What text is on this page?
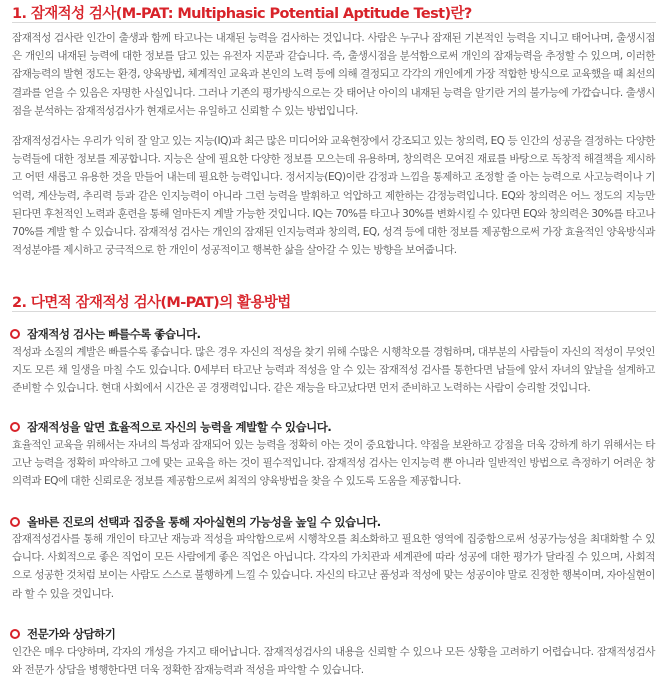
1. 잠재적성 검사(M-PAT: Multiphasic Potential Aptitude Test)란?

잠재적성 검사란 인간이 출생과 함께 타고나는 내재된 능력을 검사하는 것입니다. 사람은 누구나 잠재된 기본적인 능력을 지니고 태어나며, 출생시점은 개인의 내재된 능력에 대한 정보를 담고 있는 유전자 지문과 같습니다. 즉, 출생시점을 분석함으로써 개인의 잠재능력을 추정할 수 있으며, 이러한 잠재능력의 발현 정도는 환경, 양육방법, 체계적인 교육과 본인의 노력 등에 의해 결정되고 각각의 개인에게 가장 적합한 방식으로 교육했을 때 최선의 결과를 얻을 수 있음은 자명한 사실입니다. 그러나 기존의 평가방식으로는 갓 태어난 아이의 내재된 능력을 알기란 거의 불가능에 가깝습니다. 출생시점을 분석하는 잠재적성검사가 현재로서는 유일하고 신뢰할 수 있는 방법입니다.

잠재적성검사는 우리가 익히 잘 알고 있는 지능(IQ)과 최근 많은 미디어와 교육현장에서 강조되고 있는 창의력, EQ 등 인간의 성공을 결정하는 다양한 능력들에 대한 정보를 제공합니다. 지능은 살에 필요한 다양한 정보를 모으는데 유용하며, 창의력은 모여진 재료를 바탕으로 독창적 해결책을 제시하고 어떤 새롭고 유용한 것을 만들어 내는데 필요한 능력입니다. 정서지능(EQ)이란 감정과 느낌을 통제하고 조정할 줄 아는 능력으로 사고능력이나 기억력, 계산능력, 추리력 등과 같은 인지능력이 아니라 그런 능력을 발휘하고 억압하고 제한하는 감정능력입니다. EQ와 창의력은 어느 정도의 지능만 된다면 후천적인 노력과 훈련을 통해 얼마든지 계발 가능한 것입니다. IQ는 70%를 타고나 30%를 변화시킬 수 있다면 EQ와 창의력은 30%를 타고나 70%를 계발 할 수 있습니다. 잠재적성 검사는 개인의 잠재된 인지능력과 창의력, EQ, 성격 등에 대한 정보를 제공함으로써 가장 효율적인 양육방식과 적성분야를 제시하고 궁극적으로 한 개인이 성공적이고 행복한 삶을 살아갈 수 있는 방향을 보여줍니다.

2. 다면적 잠재적성 검사(M-PAT)의 활용방법
잠재적성 검사는 빠를수록 좋습니다.

적성과 소질의 계발은 빠를수록 좋습니다. 많은 경우 자신의 적성을 찾기 위해 수많은 시행착오를 경험하며, 대부분의 사람들이 자신의 적성이 무엇인지도 모른 채 일생을 마칠 수도 있습니다. 0세부터 타고난 능력과 적성을 알 수 있는 잠재적성 검사를 통한다면 남들에 앞서 자녀의 앞날을 설계하고 준비할 수 있습니다. 현대 사회에서 시간은 곧 경쟁력입니다. 같은 재능을 타고났다면 먼저 준비하고 노력하는 사람이 승리할 것입니다.

잠재적성을 알면 효율적으로 자신의 능력을 계발할 수 있습니다.

효율적인 교육을 위해서는 자녀의 특성과 잠재되어 있는 능력을 정확히 아는 것이 중요합니다. 약점을 보완하고 강점을 더욱 강하게 하기 위해서는 타고난 능력을 정확히 파악하고 그에 맞는 교육을 하는 것이 필수적입니다. 잠재적성 검사는 인지능력 뿐 아니라 일반적인 방법으로 측정하기 어려운 창의력과 EQ에 대한 신뢰로운 정보를 제공함으로써 최적의 양육방법을 찾을 수 있도록 도움을 제공합니다.

올바른 진로의 선택과 집중을 통해 자아실현의 가능성을 높일 수 있습니다.

잠재적성검사를 통해 개인이 타고난 재능과 적성을 파악함으로써 시행착오를 최소화하고 필요한 영역에 집중함으로써 성공가능성을 최대화할 수 있습니다. 사회적으로 좋은 직업이 모든 사람에게 좋은 직업은 아닙니다. 각자의 가치관과 세계관에 따라 성공에 대한 평가가 달라질 수 있으며, 사회적으로 성공한 것처럼 보이는 사람도 스스로 불행하게 느낄 수 있습니다. 자신의 타고난 품성과 적성에 맞는 성공이야 말로 진정한 행복이며, 자아실현이라 할 수 있을 것입니다.

전문가와 상담하기

인간은 매우 다양하며, 각자의 개성을 가지고 태어납니다. 잠재적성검사의 내용을 신뢰할 수 있으나 모든 상황을 고려하기 어렵습니다. 잠재적성검사와 전문가 상담을 병행한다면 더욱 정확한 잠재능력과 적성을 파악할 수 있습니다.
